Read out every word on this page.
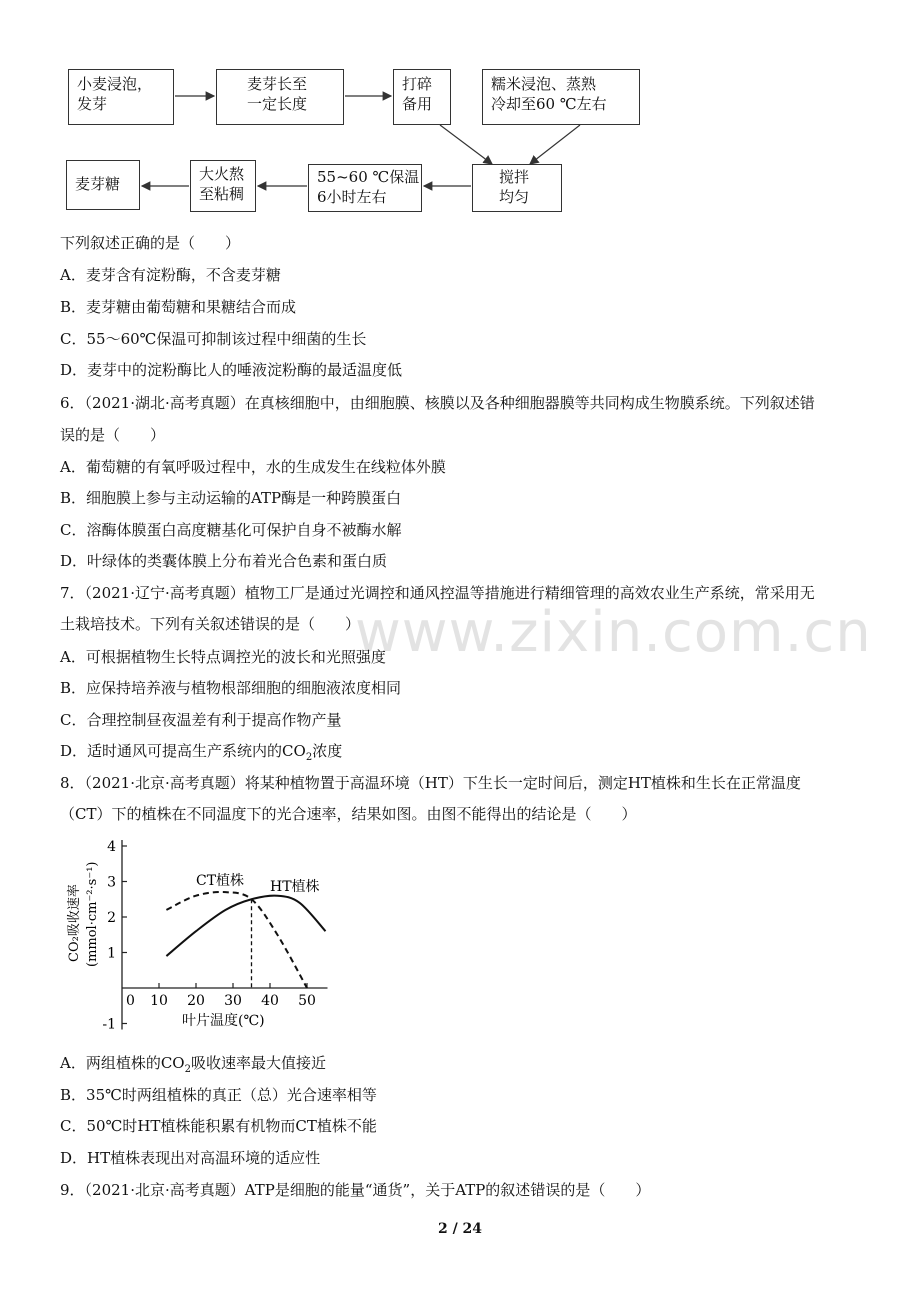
小麦浸泡，
发芽
麦芽长至
一定长度
打碎
备用
糯米浸泡、蒸熟
冷却至60 ℃左右
搅拌
均匀
55~60 ℃保温
6小时左右
大火熬
至粘稠
麦芽糖
下列叙述正确的是（　　）
A．麦芽含有淀粉酶，不含麦芽糖
B．麦芽糖由葡萄糖和果糖结合而成
C．55～60℃保温可抑制该过程中细菌的生长
D．麦芽中的淀粉酶比人的唾液淀粉酶的最适温度低
6．（2021·湖北·高考真题）在真核细胞中，由细胞膜、核膜以及各种细胞器膜等共同构成生物膜系统。下列叙述错
误的是（　　）
A．葡萄糖的有氧呼吸过程中，水的生成发生在线粒体外膜
B．细胞膜上参与主动运输的ATP酶是一种跨膜蛋白
C．溶酶体膜蛋白高度糖基化可保护自身不被酶水解
D．叶绿体的类囊体膜上分布着光合色素和蛋白质
www.zixin.com.cn
7．（2021·辽宁·高考真题）植物工厂是通过光调控和通风控温等措施进行精细管理的高效农业生产系统，常采用无
土栽培技术。下列有关叙述错误的是（　　）
A．可根据植物生长特点调控光的波长和光照强度
B．应保持培养液与植物根部细胞的细胞液浓度相同
C．合理控制昼夜温差有利于提高作物产量
D．适时通风可提高生产系统内的$CO_2$浓度
8．（2021·北京·高考真题）将某种植物置于高温环境（HT）下生长一定时间后，测定HT植株和生长在正常温度
（CT）下的植株在不同温度下的光合速率，结果如图。由图不能得出的结论是（　　）
4
3
2
1
-1
0 10 20 30 40 50
CT植株 HT植株
叶片温度(℃)
CO₂吸收速率 (mmol·cm⁻²·s⁻¹)
A．两组植株的$CO_2$吸收速率最大值接近
B．35℃时两组植株的真正（总）光合速率相等
C．50℃时HT植株能积累有机物而CT植株不能
D．HT植株表现出对高温环境的适应性
9．（2021·北京·高考真题）ATP是细胞的能量“通货”，关于ATP的叙述错误的是（　　）
2 / 24
